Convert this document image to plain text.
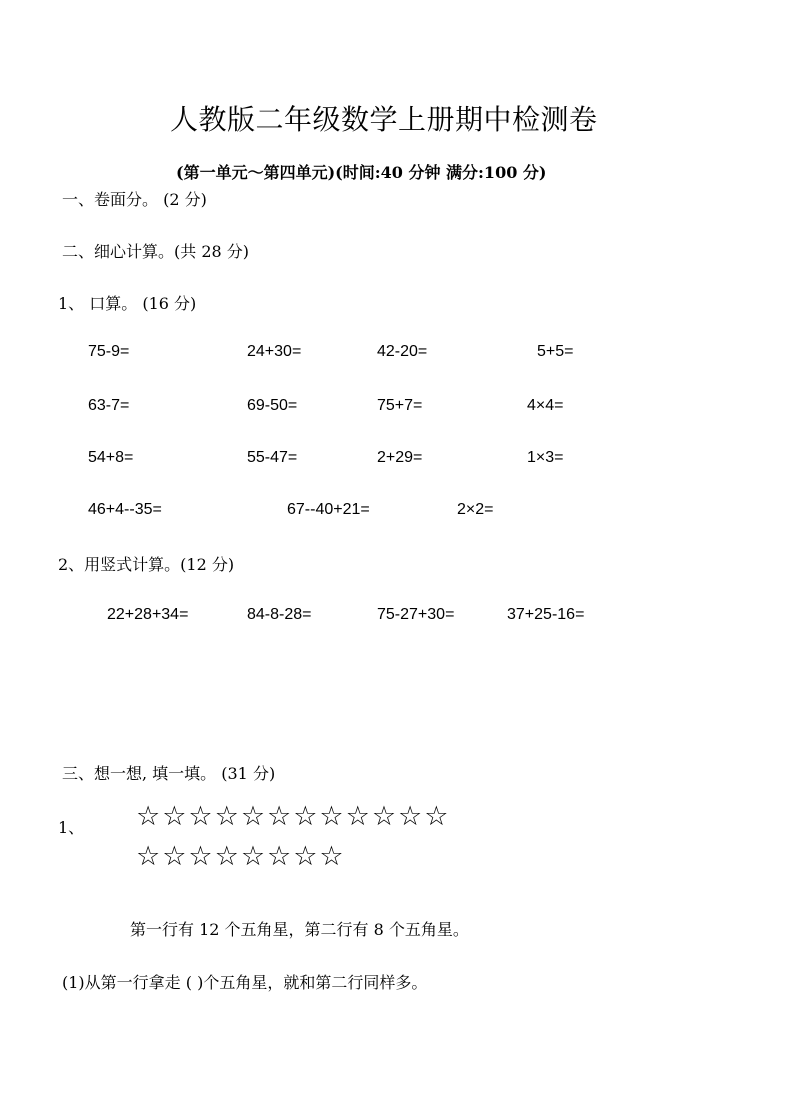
人教版二年级数学上册期中检测卷
(第一单元～第四单元)(时间:40 分钟 满分:100 分)
一、卷面分。 (2 分)
二、细心计算。(共 28 分)
1、 口算。 (16 分)
75-9=	24+30=	42-20=	5+5=
63-7=	69-50=	75+7=	4×4=
54+8=	55-47=	2+29=	1×3=
46+4--35=	67--40+21=	2×2=
2、用竖式计算。(12 分)
22+28+34=	84-8-28=	75-27+30=	37+25-16=
三、想一想, 填一填。 (31 分)
1、 ☆☆☆☆☆☆☆☆☆☆☆☆
☆☆☆☆☆☆☆☆
第一行有 12 个五角星，第二行有 8 个五角星。
(1)从第一行拿走 ( )个五角星，就和第二行同样多。
